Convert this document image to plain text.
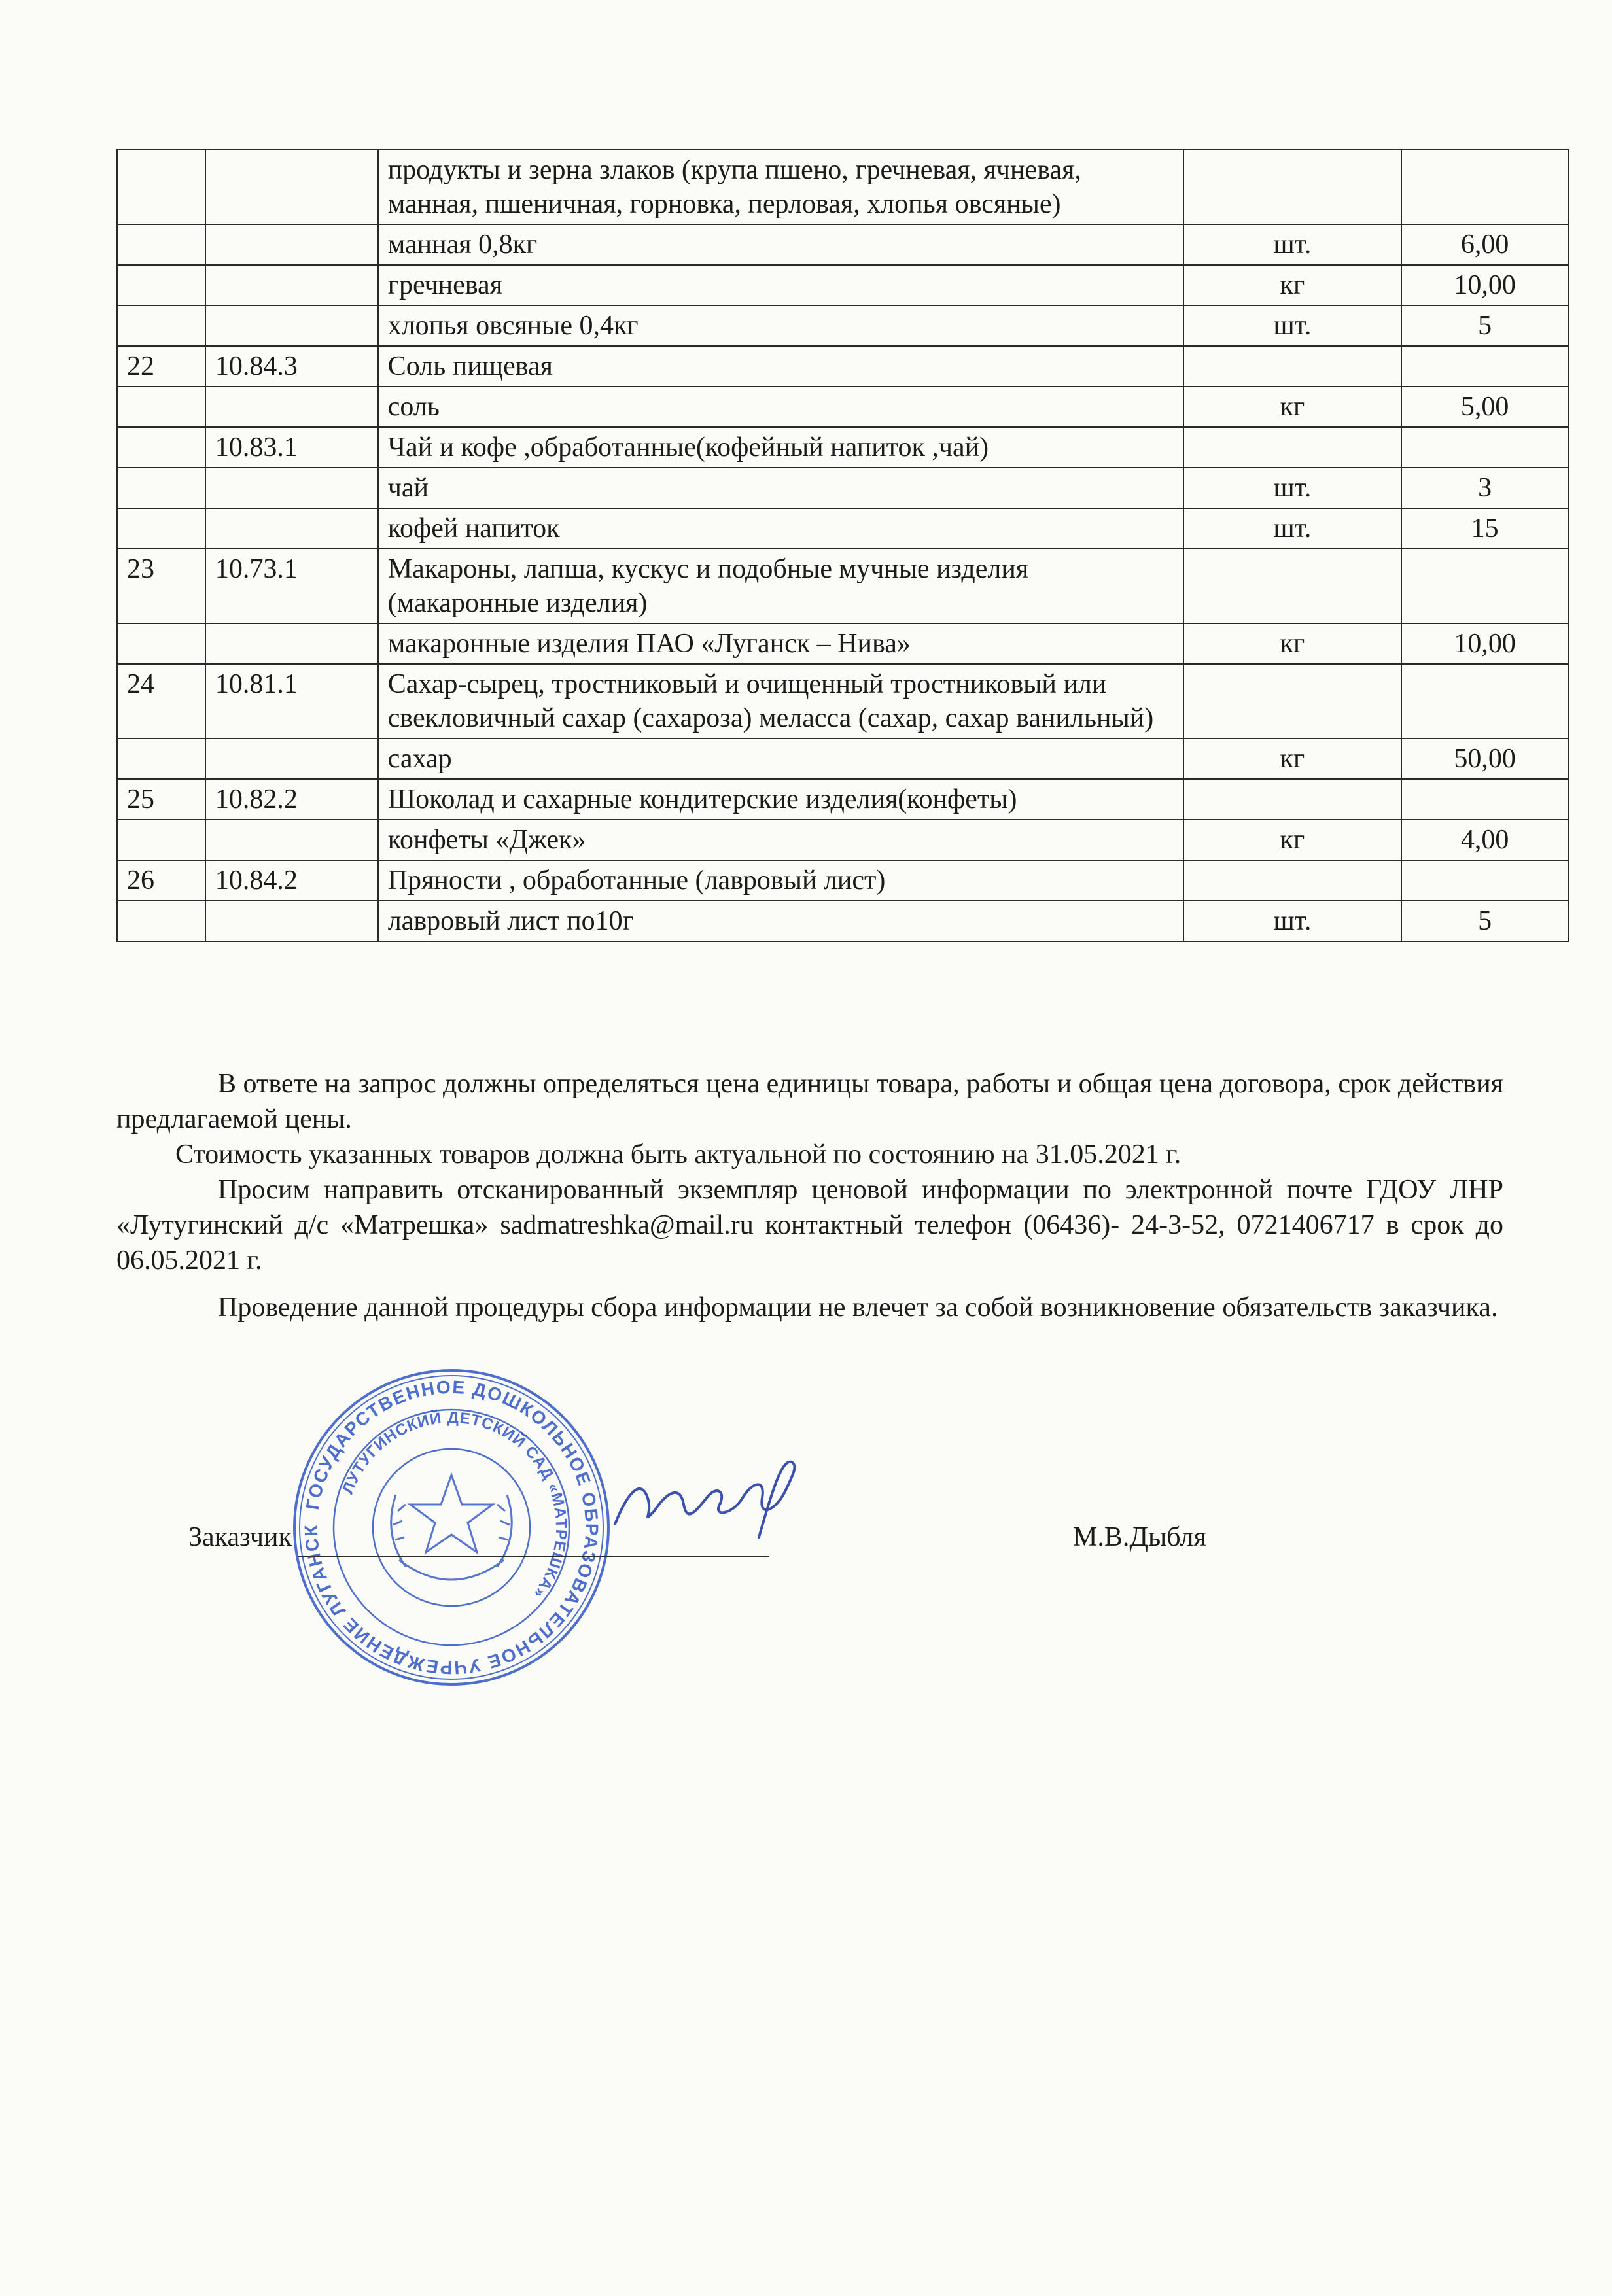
		продукты и зерна злаков (крупа пшено, гречневая, ячневая, манная, пшеничная, горновка, перловая, хлопья овсяные)		
		манная 0,8кг	шт.	6,00
		гречневая	кг	10,00
		хлопья овсяные 0,4кг	шт.	5
22	10.84.3	Соль пищевая		
		соль	кг	5,00
	10.83.1	Чай и кофе ,обработанные(кофейный напиток ,чай)		
		чай	шт.	3
		кофей напиток	шт.	15
23	10.73.1	Макароны, лапша, кускус и подобные мучные изделия (макаронные изделия)		
		макаронные изделия ПАО «Луганск – Нива»	кг	10,00
24	10.81.1	Сахар-сырец, тростниковый и очищенный тростниковый или свекловичный сахар (сахароза) меласса (сахар, сахар ванильный)		
		сахар	кг	50,00
25	10.82.2	Шоколад и сахарные кондитерские изделия(конфеты)		
		конфеты «Джек»	кг	4,00
26	10.84.2	Пряности , обработанные (лавровый лист)		
		лавровый лист по10г	шт.	5

В ответе на запрос должны определяться цена единицы товара, работы и общая цена договора, срок действия предлагаемой цены.

Стоимость указанных товаров должна быть актуальной по состоянию на 31.05.2021 г.

Просим направить отсканированный экземпляр ценовой информации по электронной почте ГДОУ ЛНР «Лутугинский д/с «Матрешка» sadmatreshka@mail.ru контактный телефон (06436)- 24-3-52, 0721406717 в срок до 06.05.2021 г.

Проведение данной процедуры сбора информации не влечет за собой возникновение обязательств заказчика.

ГОСУДАРСТВЕННОЕ ДОШКОЛЬНОЕ ОБРАЗОВАТЕЛЬНОЕ УЧРЕЖДЕНИЕ ЛУГАНСК
ЛУТУГИНСКИЙ ДЕТСКИЙ САД «МАТРЕШКА»
Заказчик	М.В.Дыбля
